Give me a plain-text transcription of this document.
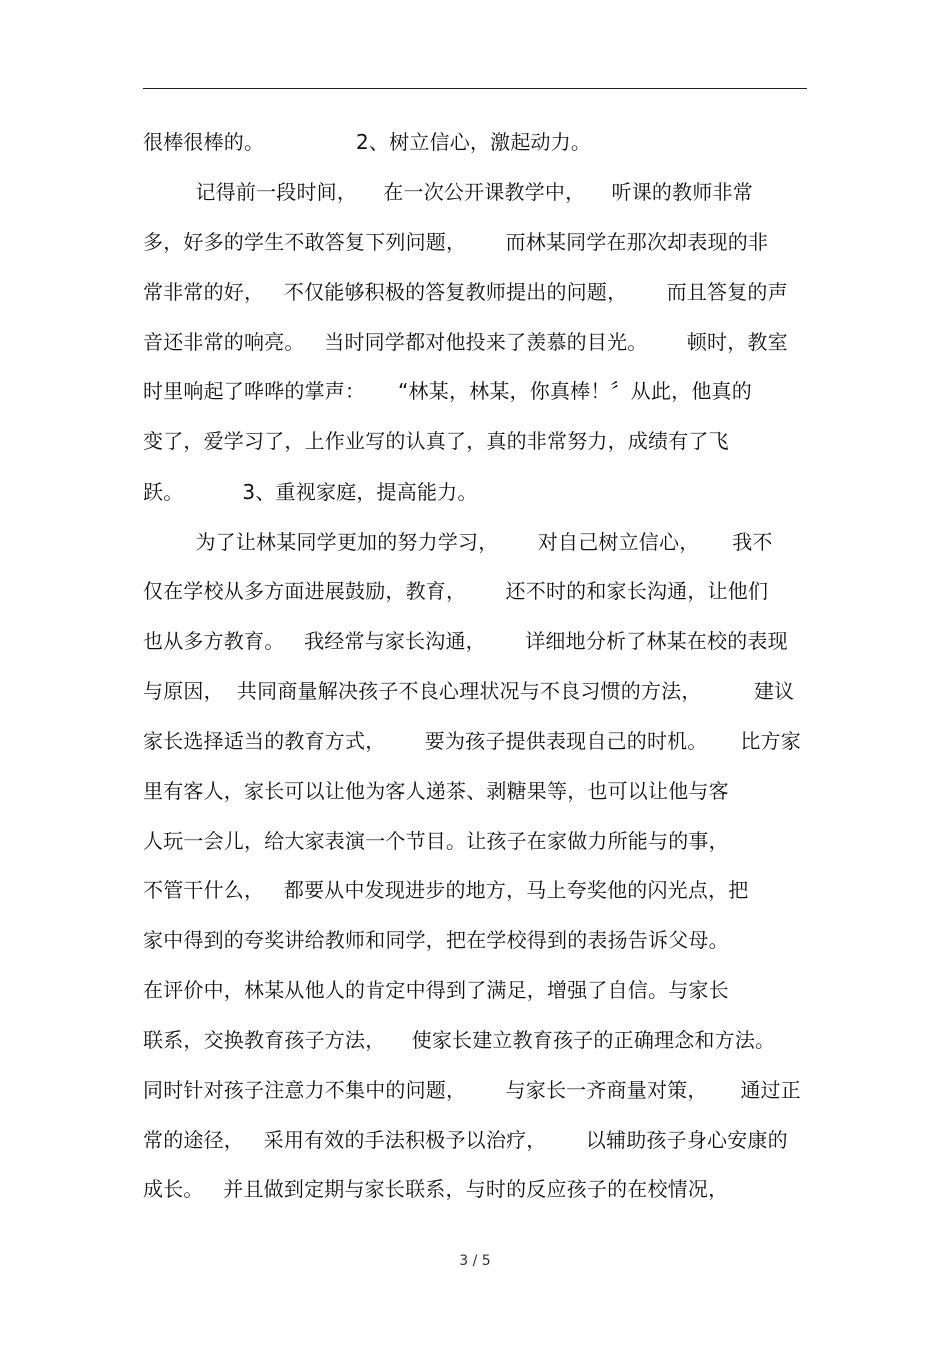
很棒很棒的。              2、树立信心，激起动力。
记得前一段时间，    在一次公开课教学中，    听课的教师非常
多，好多的学生不敢答复下列问题，      而林某同学在那次却表现的非
常非常的好，   不仅能够积极的答复教师提出的问题，      而且答复的声
音还非常的响亮。   当时同学都对他投来了羡慕的目光。      顿时，教室
时里响起了哗哗的掌声：     “林某，林某，你真棒！〞从此，他真的
变了，爱学习了，上作业写的认真了，真的非常努力，成绩有了飞
跃。         3、重视家庭，提高能力。
为了让林某同学更加的努力学习，      对自己树立信心，     我不
仅在学校从多方面进展鼓励，教育，      还不时的和家长沟通，让他们
也从多方教育。   我经常与家长沟通，      详细地分析了林某在校的表现
与原因，  共同商量解决孩子不良心理状况与不良习惯的方法，        建议
家长选择适当的教育方式，      要为孩子提供表现自己的时机。     比方家
里有客人，家长可以让他为客人递茶、剥糖果等，也可以让他与客
人玩一会儿，给大家表演一个节目。让孩子在家做力所能与的事，
不管干什么，   都要从中发现进步的地方，马上夸奖他的闪光点，把
家中得到的夸奖讲给教师和同学，把在学校得到的表扬告诉父母。
在评价中，林某从他人的肯定中得到了满足，增强了自信。与家长
联系，交换教育孩子方法，    使家长建立教育孩子的正确理念和方法。
同时针对孩子注意力不集中的问题，      与家长一齐商量对策，     通过正
常的途径，   采用有效的手法积极予以治疗，      以辅助孩子身心安康的
成长。   并且做到定期与家长联系，与时的反应孩子的在校情况，
3 / 5
